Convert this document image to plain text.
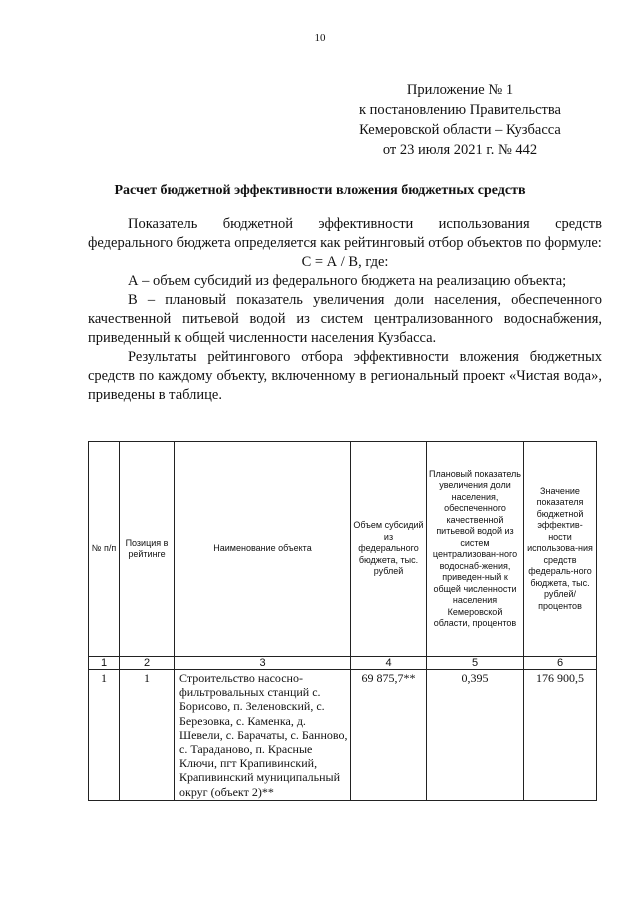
10
Приложение № 1
к постановлению Правительства
Кемеровской области – Кузбасса
от 23 июля 2021 г. № 442
Расчет бюджетной эффективности вложения бюджетных средств

Показатель бюджетной эффективности использования средств федерального бюджета определяется как рейтинговый отбор объектов по формуле:

С = А / В, где:

А – объем субсидий из федерального бюджета на реализацию объекта;

В – плановый показатель увеличения доли населения, обеспеченного качественной питьевой водой из систем централизованного водоснабжения, приведенный к общей численности населения Кузбасса.

Результаты рейтингового отбора эффективности вложения бюджетных средств по каждому объекту, включенному в региональный проект «Чистая вода», приведены в таблице.

№ п/п	Позиция в рейтинге	Наименование объекта	Объем субсидий из федерального бюджета, тыс. рублей	Плановый показатель увеличения доли населения, обеспеченного качественной питьевой водой из систем централизован-ного водоснаб-жения, приведен-ный к общей численности населения Кемеровской области, процентов	Значение показателя бюджетной эффектив-ности использова-ния средств федераль-ного бюджета, тыс. рублей/ процентов
1	2	3	4	5	6
1	1	Строительство насосно-фильтровальных станций с. Борисово, п. Зеленовский, с. Березовка, с. Каменка, д. Шевели, с. Барачаты, с. Банново, с. Тараданово, п. Красные Ключи, пгт Крапивинский, Крапивинский муниципальный округ (объект 2)**	69 875,7**	0,395	176 900,5
